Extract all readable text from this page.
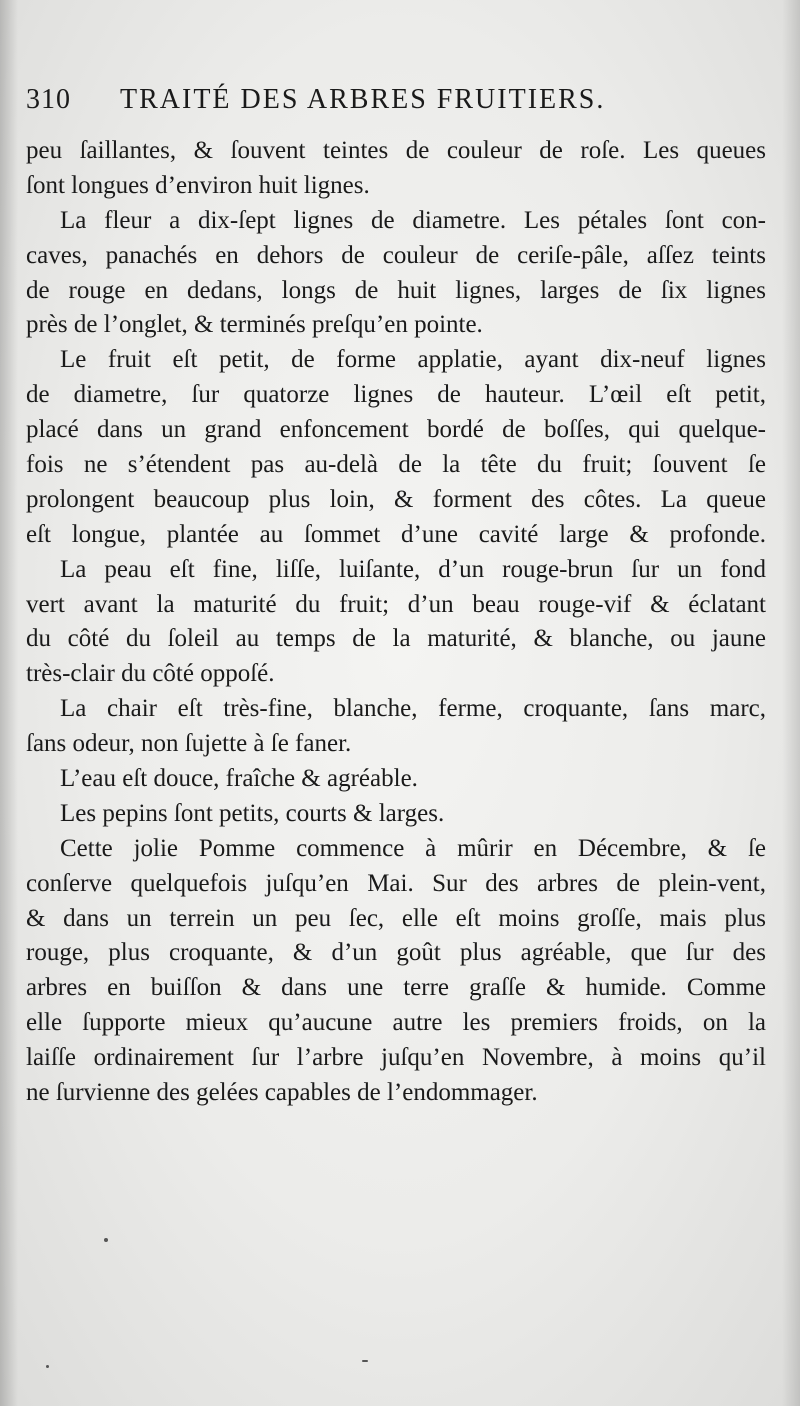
310 TRAITÉ DES ARBRES FRUITIERS.
peu ſaillantes, & ſouvent teintes de couleur de roſe. Les queues
ſont longues d’environ huit lignes.
La fleur a dix-ſept lignes de diametre. Les pétales ſont con-
caves, panachés en dehors de couleur de ceriſe-pâle, aſſez teints
de rouge en dedans, longs de huit lignes, larges de ſix lignes
près de l’onglet, & terminés preſqu’en pointe.
Le fruit eſt petit, de forme applatie, ayant dix-neuf lignes
de diametre, ſur quatorze lignes de hauteur. L’œil eſt petit,
placé dans un grand enfoncement bordé de boſſes, qui quelque-
fois ne s’étendent pas au-delà de la tête du fruit; ſouvent ſe
prolongent beaucoup plus loin, & forment des côtes. La queue
eſt longue, plantée au ſommet d’une cavité large & profonde.
La peau eſt fine, liſſe, luiſante, d’un rouge-brun ſur un fond
vert avant la maturité du fruit; d’un beau rouge-vif & éclatant
du côté du ſoleil au temps de la maturité, & blanche, ou jaune
très-clair du côté oppoſé.
La chair eſt très-fine, blanche, ferme, croquante, ſans marc,
ſans odeur, non ſujette à ſe faner.
L’eau eſt douce, fraîche & agréable.
Les pepins ſont petits, courts & larges.
Cette jolie Pomme commence à mûrir en Décembre, & ſe
conſerve quelquefois juſqu’en Mai. Sur des arbres de plein-vent,
& dans un terrein un peu ſec, elle eſt moins groſſe, mais plus
rouge, plus croquante, & d’un goût plus agréable, que ſur des
arbres en buiſſon & dans une terre graſſe & humide. Comme
elle ſupporte mieux qu’aucune autre les premiers froids, on la
laiſſe ordinairement ſur l’arbre juſqu’en Novembre, à moins qu’il
ne ſurvienne des gelées capables de l’endommager.
